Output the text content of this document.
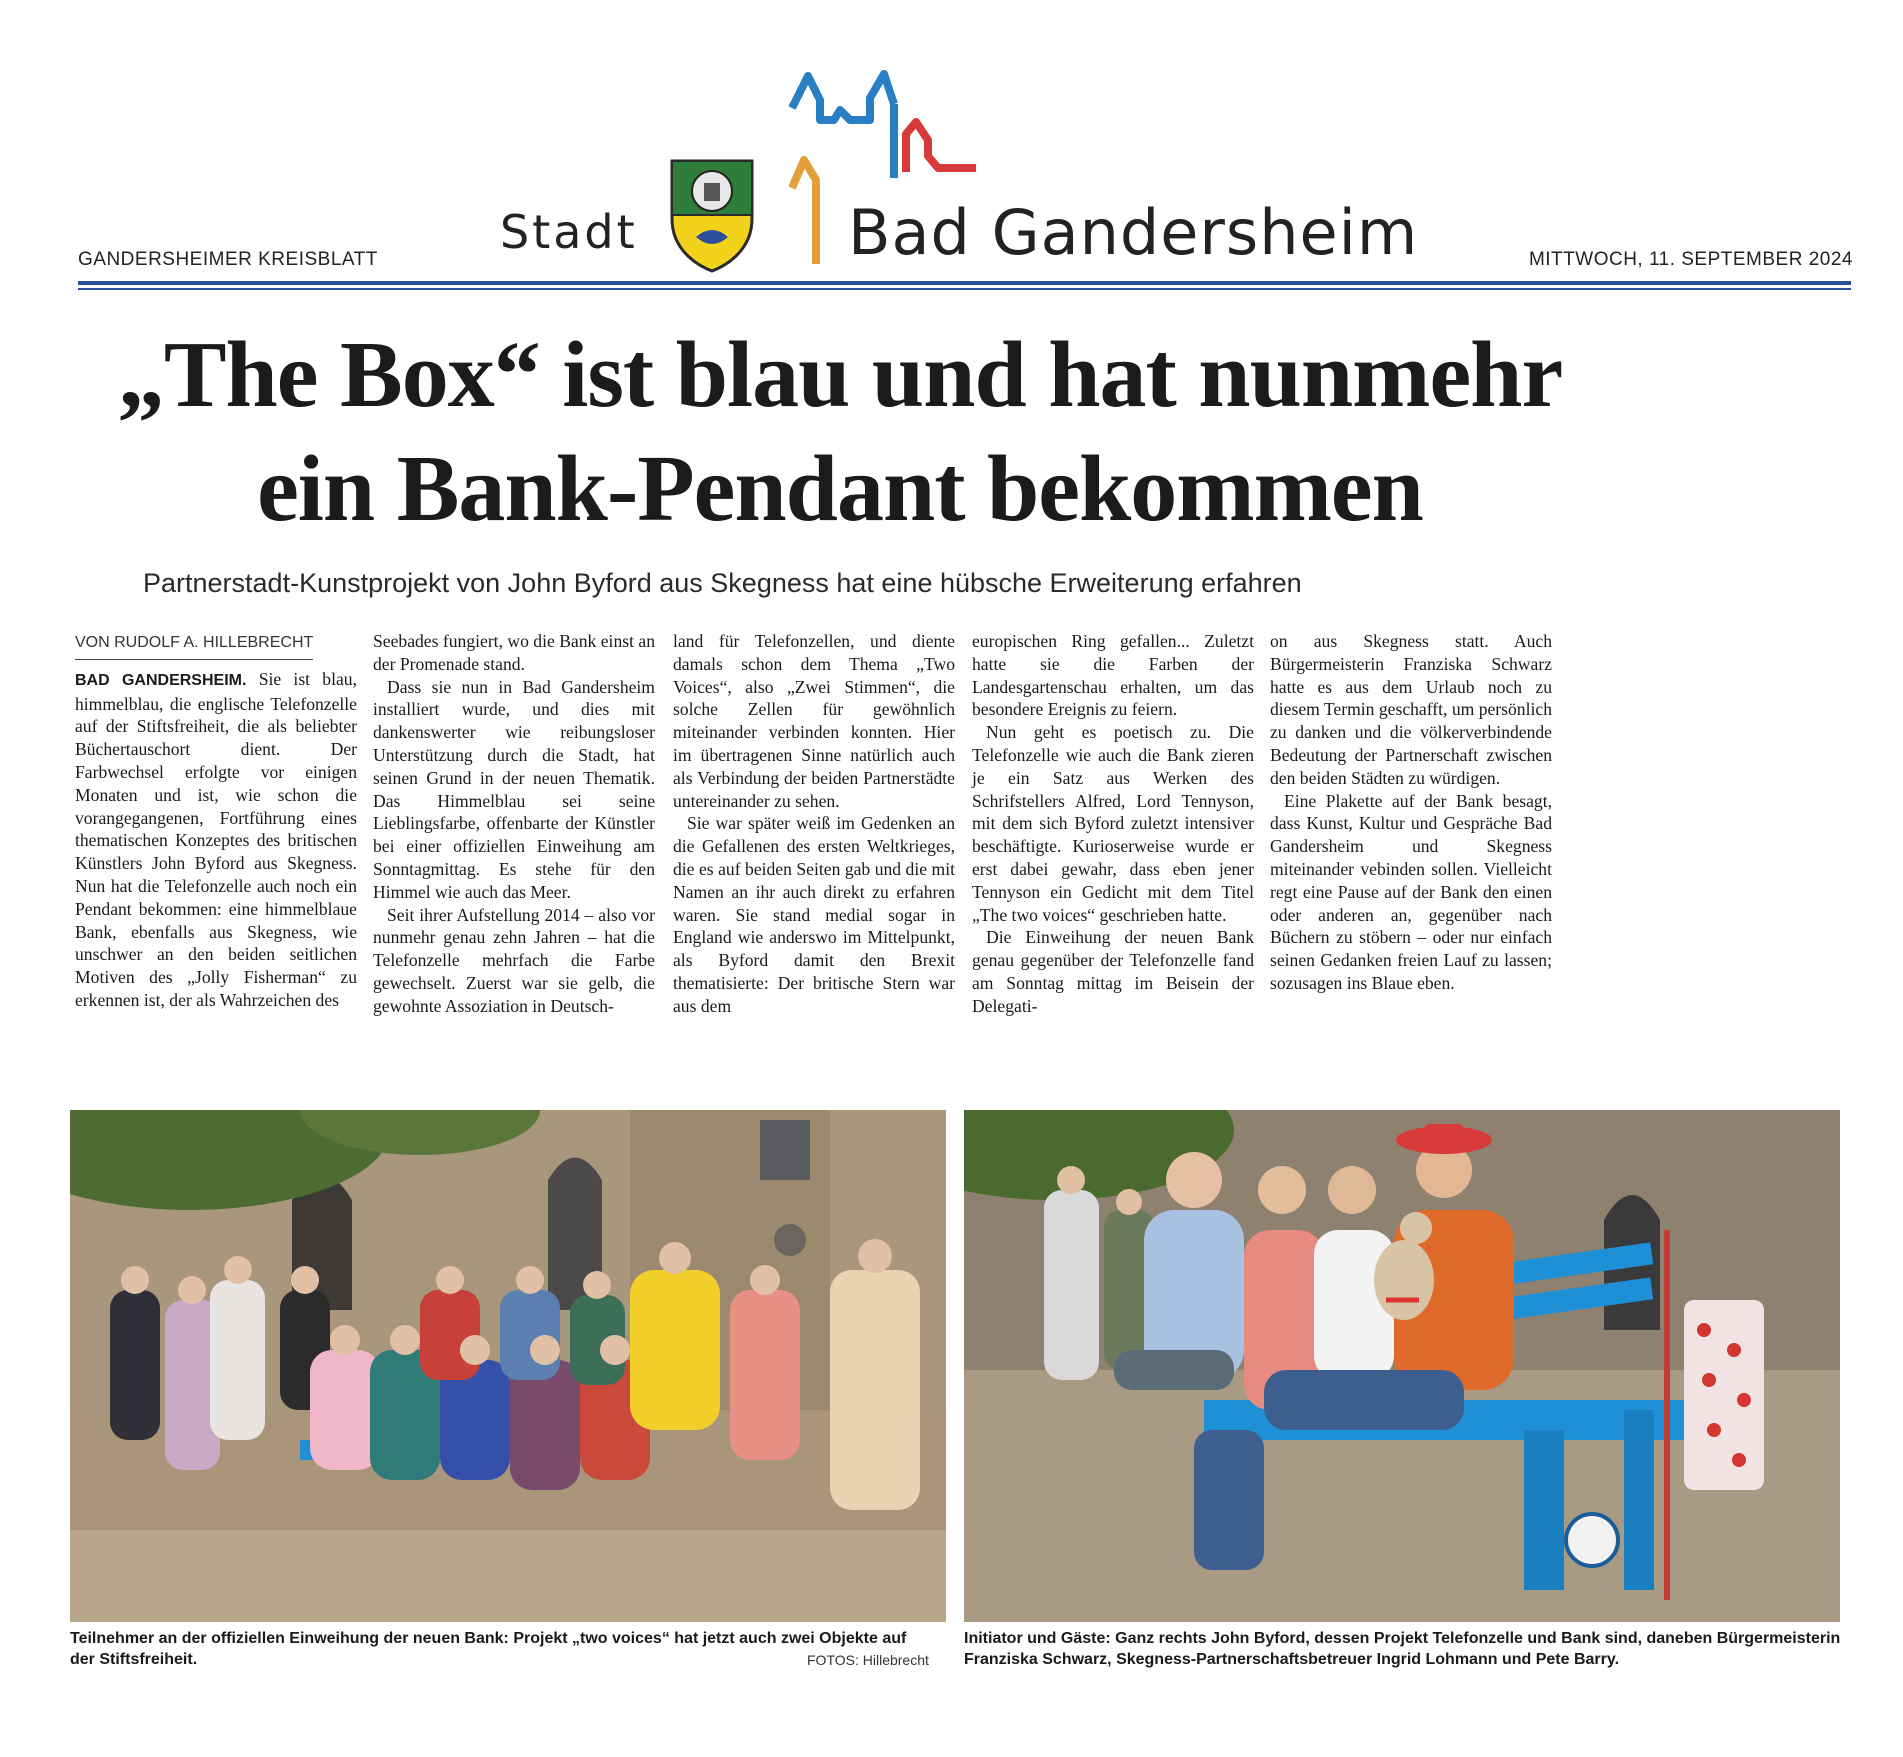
GANDERSHEIMER KREISBLATT
Stadt	Bad Gandersheim	MITTWOCH, 11. SEPTEMBER 2024
„The Box“ ist blau und hat nunmehr
ein Bank-Pendant bekommen

Partnerstadt-Kunstprojekt von John Byford aus Skegness hat eine hübsche Erweiterung erfahren

VON RUDOLF A. HILLEBRECHT

BAD GANDERSHEIM. Sie ist blau, himmelblau, die englische Telefonzelle auf der Stiftsfreiheit, die als beliebter Büchertauschort dient. Der Farbwechsel erfolgte vor einigen Monaten und ist, wie schon die vorangegangenen, Fortführung eines thematischen Konzeptes des britischen Künstlers John Byford aus Skegness. Nun hat die Telefonzelle auch noch ein Pendant bekommen: eine himmelblaue Bank, ebenfalls aus Skegness, wie unschwer an den beiden seitlichen Motiven des „Jolly Fisherman“ zu erkennen ist, der als Wahrzeichen des

Seebades fungiert, wo die Bank einst an der Promenade stand.

Dass sie nun in Bad Gandersheim installiert wurde, und dies mit dankenswerter wie reibungsloser Unterstützung durch die Stadt, hat seinen Grund in der neuen Thematik. Das Himmelblau sei seine Lieblingsfarbe, offenbarte der Künstler bei einer offiziellen Einweihung am Sonntagmittag. Es stehe für den Himmel wie auch das Meer.

Seit ihrer Aufstellung 2014 – also vor nunmehr genau zehn Jahren – hat die Telefonzelle mehrfach die Farbe gewechselt. Zuerst war sie gelb, die gewohnte Assoziation in Deutsch-

land für Telefonzellen, und diente damals schon dem Thema „Two Voices“, also „Zwei Stimmen“, die solche Zellen für gewöhnlich miteinander verbinden konnten. Hier im übertragenen Sinne natürlich auch als Verbindung der beiden Partnerstädte untereinander zu sehen.

Sie war später weiß im Gedenken an die Gefallenen des ersten Weltkrieges, die es auf beiden Seiten gab und die mit Namen an ihr auch direkt zu erfahren waren. Sie stand medial sogar in England wie anderswo im Mittelpunkt, als Byford damit den Brexit thematisierte: Der britische Stern war aus dem

europischen Ring gefallen... Zuletzt hatte sie die Farben der Landesgartenschau erhalten, um das besondere Ereignis zu feiern.

Nun geht es poetisch zu. Die Telefonzelle wie auch die Bank zieren je ein Satz aus Werken des Schrifstellers Alfred, Lord Tennyson, mit dem sich Byford zuletzt intensiver beschäftigte. Kurioserweise wurde er erst dabei gewahr, dass eben jener Tennyson ein Gedicht mit dem Titel „The two voices“ geschrieben hatte.

Die Einweihung der neuen Bank genau gegenüber der Telefonzelle fand am Sonntag mittag im Beisein der Delegati-

on aus Skegness statt. Auch Bürgermeisterin Franziska Schwarz hatte es aus dem Urlaub noch zu diesem Termin geschafft, um persönlich zu danken und die völkerverbindende Bedeutung der Partnerschaft zwischen den beiden Städten zu würdigen.

Eine Plakette auf der Bank besagt, dass Kunst, Kultur und Gespräche Bad Gandersheim und Skegness miteinander vebinden sollen. Vielleicht regt eine Pause auf der Bank den einen oder anderen an, gegenüber nach Büchern zu stöbern – oder nur einfach seinen Gedanken freien Lauf zu lassen; sozusagen ins Blaue eben.

Teilnehmer an der offiziellen Einweihung der neuen Bank: Projekt „two voices“ hat jetzt auch zwei Objekte auf der Stiftsfreiheit.	FOTOS: Hillebrecht
Initiator und Gäste: Ganz rechts John Byford, dessen Projekt Telefonzelle und Bank sind, daneben Bürgermeisterin Franziska Schwarz, Skegness-Partnerschaftsbetreuer Ingrid Lohmann und Pete Barry.
